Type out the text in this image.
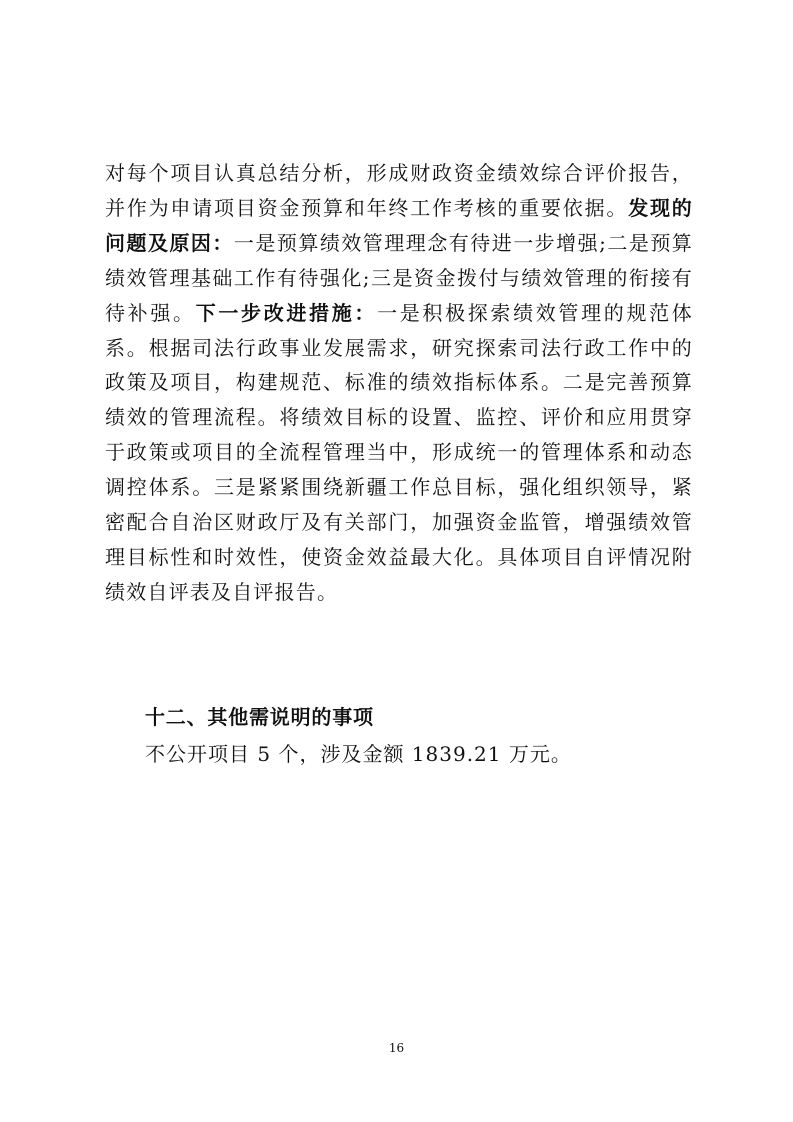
对每个项目认真总结分析，形成财政资金绩效综合评价报告，并作为申请项目资金预算和年终工作考核的重要依据。发现的问题及原因：一是预算绩效管理理念有待进一步增强;二是预算绩效管理基础工作有待强化;三是资金拨付与绩效管理的衔接有待补强。下一步改进措施：一是积极探索绩效管理的规范体系。根据司法行政事业发展需求，研究探索司法行政工作中的政策及项目，构建规范、标准的绩效指标体系。二是完善预算绩效的管理流程。将绩效目标的设置、监控、评价和应用贯穿于政策或项目的全流程管理当中，形成统一的管理体系和动态调控体系。三是紧紧围绕新疆工作总目标，强化组织领导，紧密配合自治区财政厅及有关部门，加强资金监管，增强绩效管理目标性和时效性，使资金效益最大化。具体项目自评情况附绩效自评表及自评报告。
十二、其他需说明的事项
不公开项目 5 个，涉及金额 1839.21 万元。
16
